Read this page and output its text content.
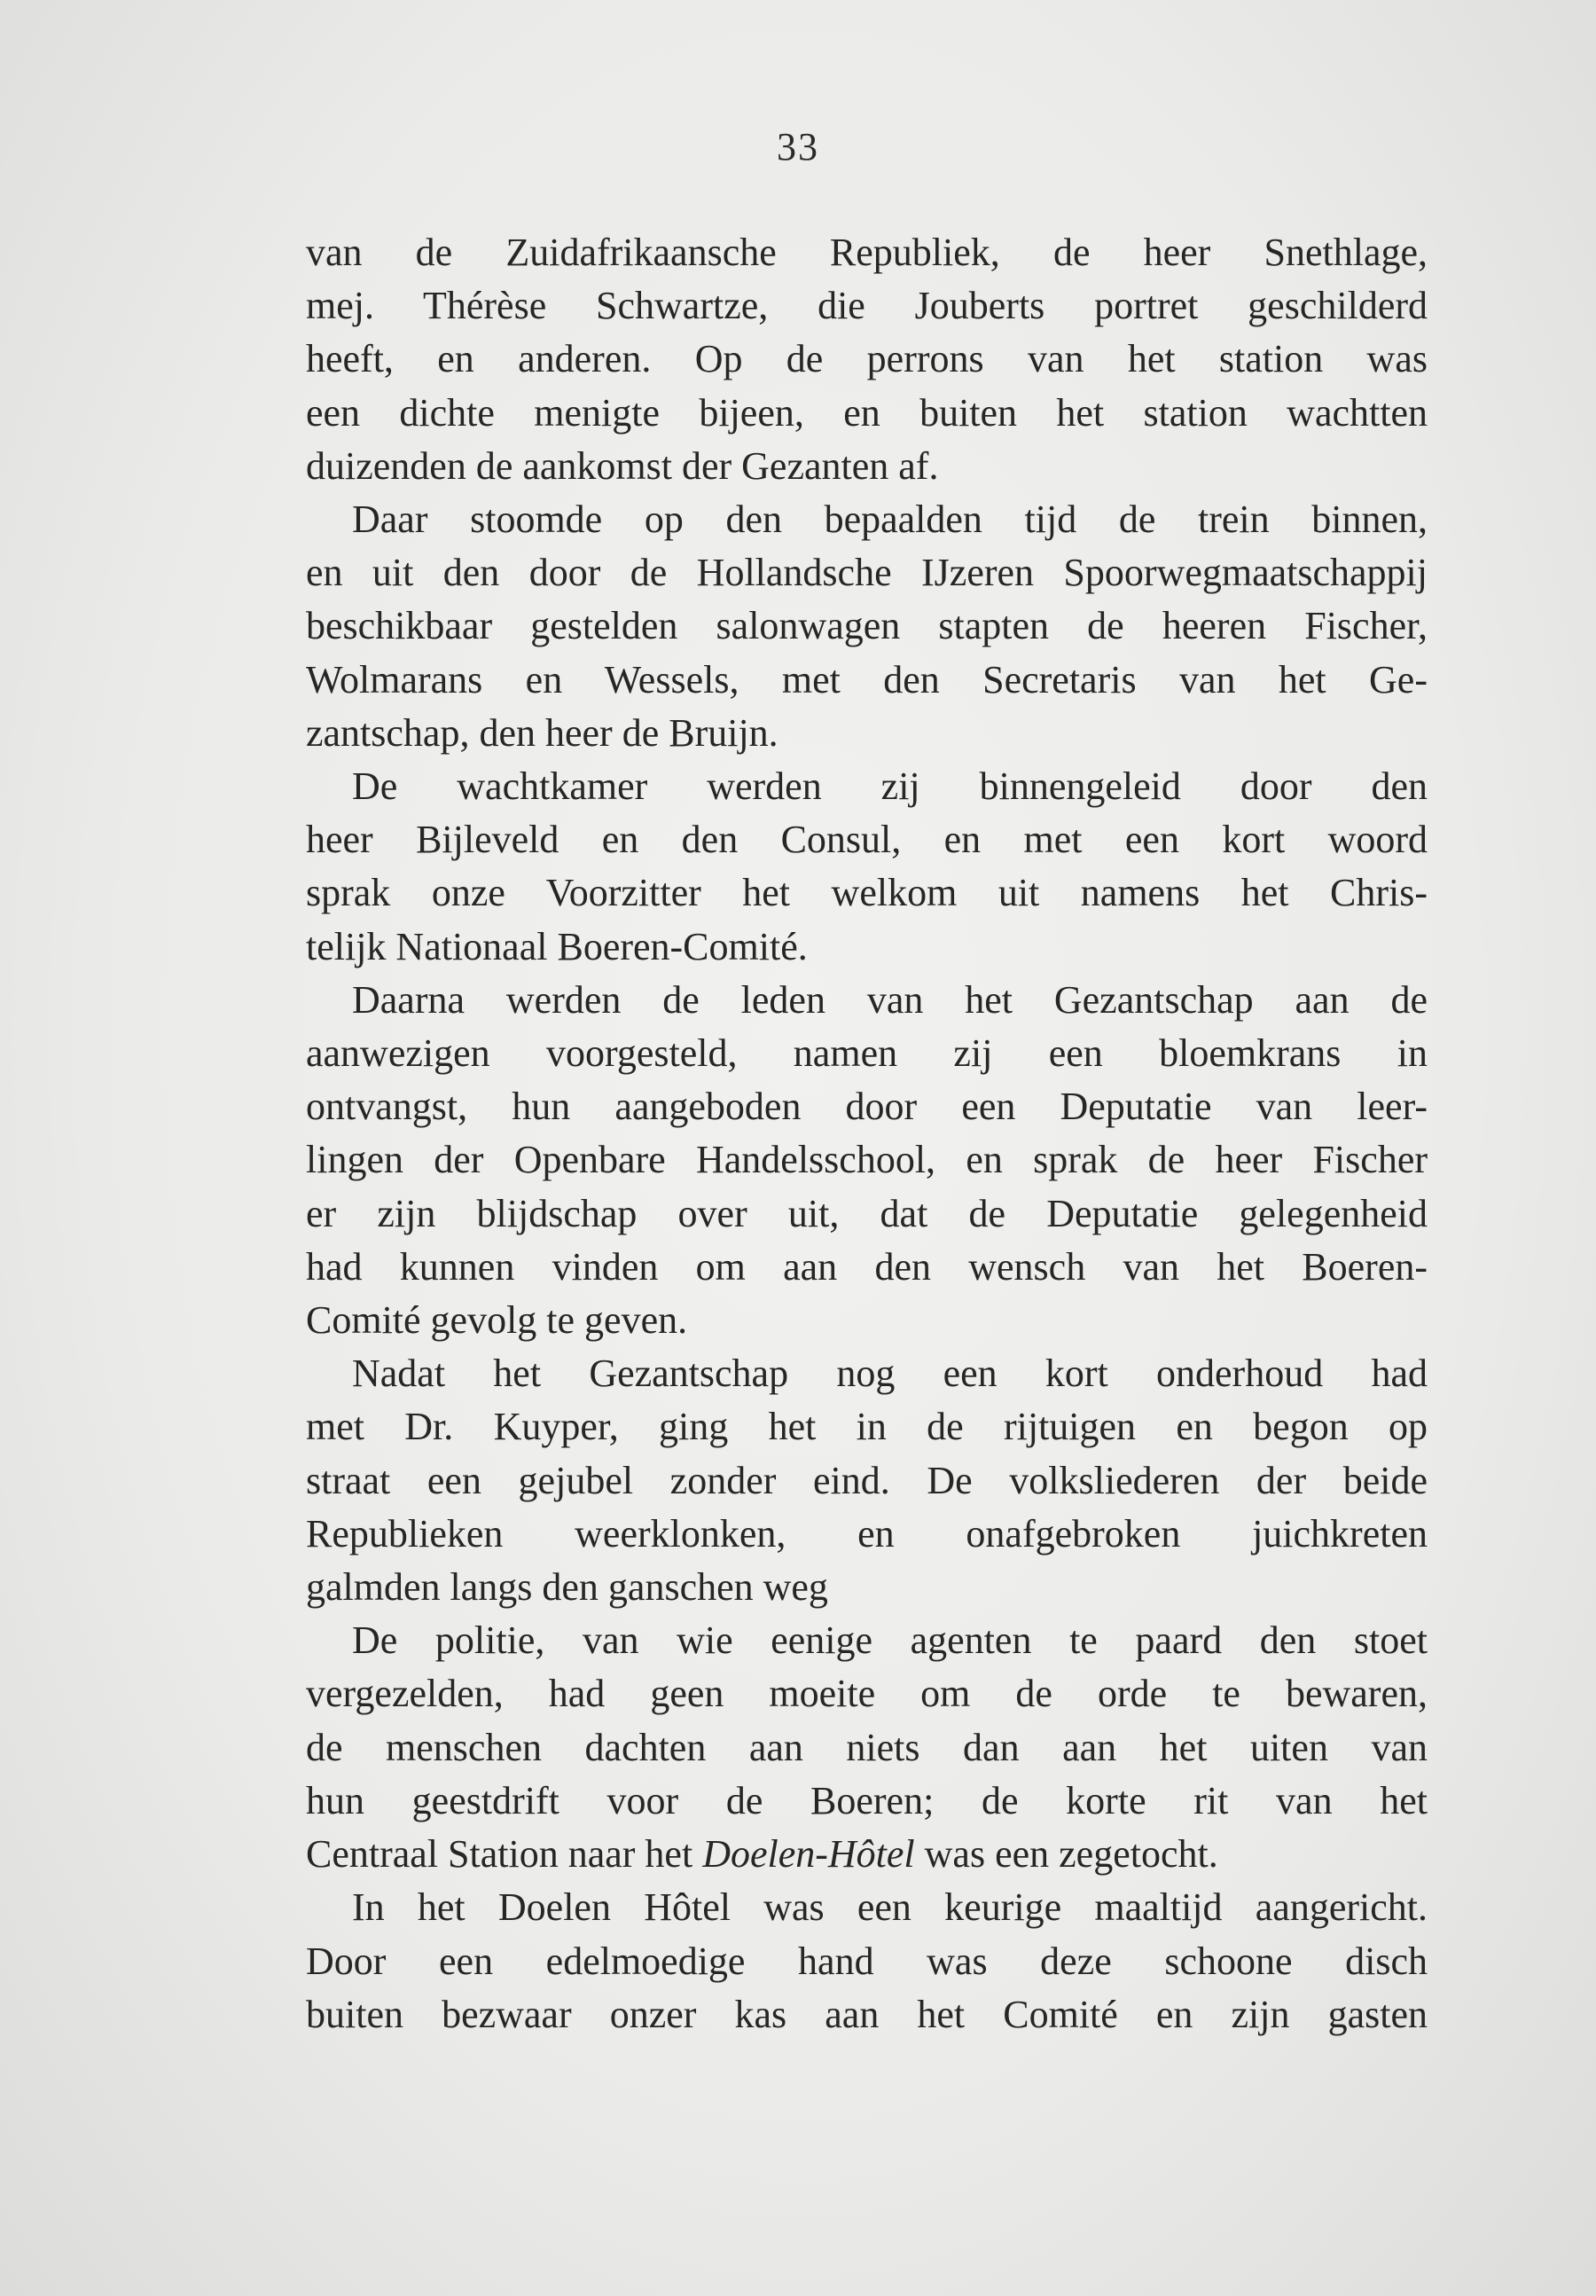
33
van de Zuidafrikaansche Republiek, de heer Snethlage,
mej. Thérèse Schwartze, die Jouberts portret geschilderd
heeft, en anderen. Op de perrons van het station was
een dichte menigte bijeen, en buiten het station wachtten
duizenden de aankomst der Gezanten af.
Daar stoomde op den bepaalden tijd de trein binnen,
en uit den door de Hollandsche IJzeren Spoorwegmaatschappij
beschikbaar gestelden salonwagen stapten de heeren Fischer,
Wolmarans en Wessels, met den Secretaris van het Ge-
zantschap, den heer de Bruijn.
De wachtkamer werden zij binnengeleid door den
heer Bijleveld en den Consul, en met een kort woord
sprak onze Voorzitter het welkom uit namens het Chris-
telijk Nationaal Boeren-Comité.
Daarna werden de leden van het Gezantschap aan de
aanwezigen voorgesteld, namen zij een bloemkrans in
ontvangst, hun aangeboden door een Deputatie van leer-
lingen der Openbare Handelsschool, en sprak de heer Fischer
er zijn blijdschap over uit, dat de Deputatie gelegenheid
had kunnen vinden om aan den wensch van het Boeren-
Comité gevolg te geven.
Nadat het Gezantschap nog een kort onderhoud had
met Dr. Kuyper, ging het in de rijtuigen en begon op
straat een gejubel zonder eind. De volksliederen der beide
Republieken weerklonken, en onafgebroken juichkreten
galmden langs den ganschen weg
De politie, van wie eenige agenten te paard den stoet
vergezelden, had geen moeite om de orde te bewaren,
de menschen dachten aan niets dan aan het uiten van
hun geestdrift voor de Boeren; de korte rit van het
Centraal Station naar het Doelen-Hôtel was een zegetocht.
In het Doelen Hôtel was een keurige maaltijd aangericht.
Door een edelmoedige hand was deze schoone disch
buiten bezwaar onzer kas aan het Comité en zijn gasten
